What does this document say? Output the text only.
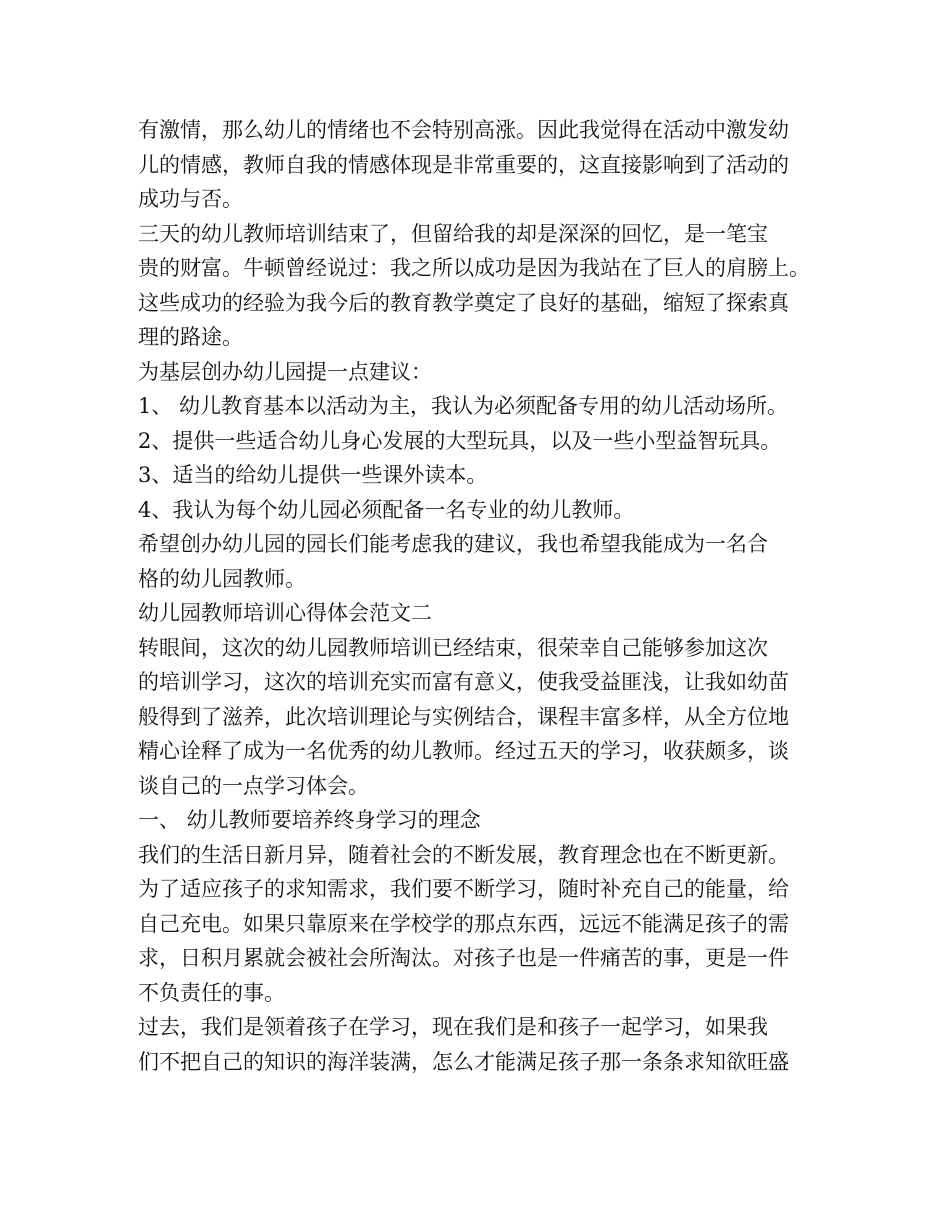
有激情，那么幼儿的情绪也不会特别高涨。因此我觉得在活动中激发幼
儿的情感，教师自我的情感体现是非常重要的，这直接影响到了活动的
成功与否。
三天的幼儿教师培训结束了，但留给我的却是深深的回忆，是一笔宝
贵的财富。牛顿曾经说过：我之所以成功是因为我站在了巨人的肩膀上。
这些成功的经验为我今后的教育教学奠定了良好的基础，缩短了探索真
理的路途。
为基层创办幼儿园提一点建议：
1、 幼儿教育基本以活动为主，我认为必须配备专用的幼儿活动场所。
2、提供一些适合幼儿身心发展的大型玩具，以及一些小型益智玩具。
3、适当的给幼儿提供一些课外读本。
4、我认为每个幼儿园必须配备一名专业的幼儿教师。
希望创办幼儿园的园长们能考虑我的建议，我也希望我能成为一名合
格的幼儿园教师。
幼儿园教师培训心得体会范文二
转眼间，这次的幼儿园教师培训已经结束，很荣幸自己能够参加这次
的培训学习，这次的培训充实而富有意义，使我受益匪浅，让我如幼苗
般得到了滋养，此次培训理论与实例结合，课程丰富多样，从全方位地
精心诠释了成为一名优秀的幼儿教师。经过五天的学习，收获颇多，谈
谈自己的一点学习体会。
一、 幼儿教师要培养终身学习的理念
我们的生活日新月异，随着社会的不断发展，教育理念也在不断更新。
为了适应孩子的求知需求，我们要不断学习，随时补充自己的能量，给
自己充电。如果只靠原来在学校学的那点东西，远远不能满足孩子的需
求，日积月累就会被社会所淘汰。对孩子也是一件痛苦的事，更是一件
不负责任的事。
过去，我们是领着孩子在学习，现在我们是和孩子一起学习，如果我
们不把自己的知识的海洋装满，怎么才能满足孩子那一条条求知欲旺盛
